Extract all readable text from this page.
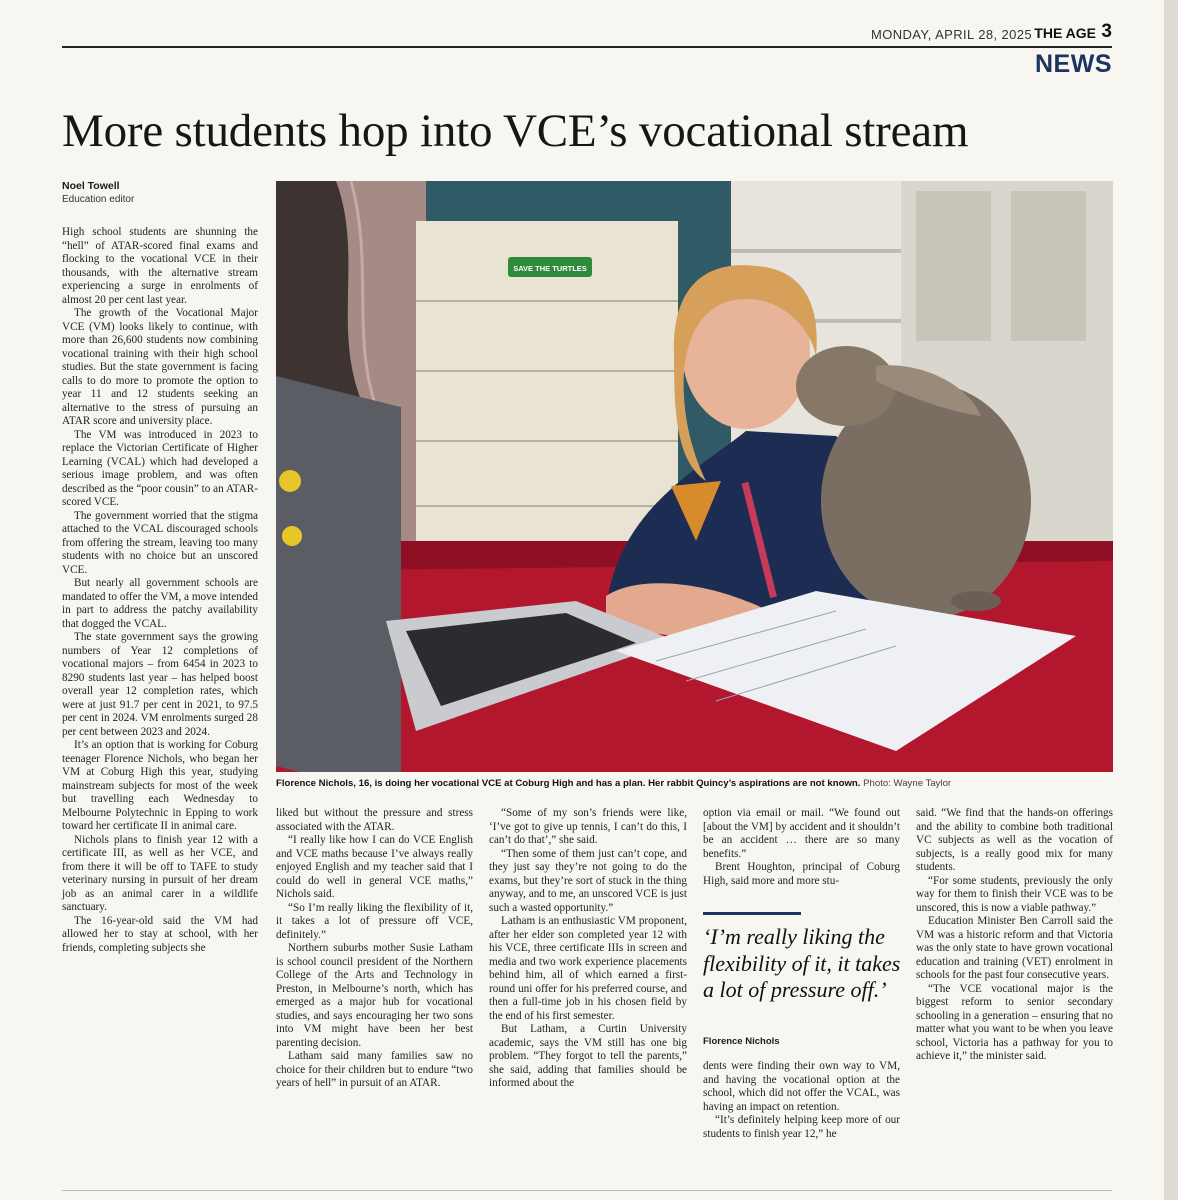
MONDAY, APRIL 28, 2025 THE AGE 3
NEWS
More students hop into VCE’s vocational stream
Noel Towell
Education editor

High school students are shunning the “hell” of ATAR-scored final exams and flocking to the vocational VCE in their thousands, with the alternative stream experiencing a surge in enrolments of almost 20 per cent last year.

The growth of the Vocational Major VCE (VM) looks likely to continue, with more than 26,600 students now combining vocational training with their high school studies. But the state government is facing calls to do more to promote the option to year 11 and 12 students seeking an alternative to the stress of pursuing an ATAR score and university place.

The VM was introduced in 2023 to replace the Victorian Certificate of Higher Learning (VCAL) which had developed a serious image problem, and was often described as the “poor cousin” to an ATAR-scored VCE.

The government worried that the stigma attached to the VCAL discouraged schools from offering the stream, leaving too many students with no choice but an unscored VCE.

But nearly all government schools are mandated to offer the VM, a move intended in part to address the patchy availability that dogged the VCAL.

The state government says the growing numbers of Year 12 completions of vocational majors – from 6454 in 2023 to 8290 students last year – has helped boost overall year 12 completion rates, which were at just 91.7 per cent in 2021, to 97.5 per cent in 2024. VM enrolments surged 28 per cent between 2023 and 2024.

It’s an option that is working for Coburg teenager Florence Nichols, who began her VM at Coburg High this year, studying mainstream subjects for most of the week but travelling each Wednesday to Melbourne Polytechnic in Epping to work toward her certificate II in animal care.

Nichols plans to finish year 12 with a certificate III, as well as her VCE, and from there it will be off to TAFE to study veterinary nursing in pursuit of her dream job as an animal carer in a wildlife sanctuary.

The 16-year-old said the VM had allowed her to stay at school, with her friends, completing subjects she

SAVE THE TURTLES
Florence Nichols, 16, is doing her vocational VCE at Coburg High and has a plan. Her rabbit Quincy’s aspirations are not known. Photo: Wayne Taylor

liked but without the pressure and stress associated with the ATAR.

“I really like how I can do VCE English and VCE maths because I’ve always really enjoyed English and my teacher said that I could do well in general VCE maths,” Nichols said.

“So I’m really liking the flexibility of it, it takes a lot of pressure off VCE, definitely.”

Northern suburbs mother Susie Latham is school council president of the Northern College of the Arts and Technology in Preston, in Melbourne’s north, which has emerged as a major hub for vocational studies, and says encouraging her two sons into VM might have been her best parenting decision.

Latham said many families saw no choice for their children but to endure “two years of hell” in pursuit of an ATAR.

“Some of my son’s friends were like, ‘I’ve got to give up tennis, I can’t do this, I can’t do that’,” she said.

“Then some of them just can’t cope, and they just say they’re not going to do the exams, but they’re sort of stuck in the thing anyway, and to me, an unscored VCE is just such a wasted opportunity.”

Latham is an enthusiastic VM proponent, after her elder son completed year 12 with his VCE, three certificate IIIs in screen and media and two work experience placements behind him, all of which earned a first-round uni offer for his preferred course, and then a full-time job in his chosen field by the end of his first semester.

But Latham, a Curtin University academic, says the VM still has one big problem. “They forgot to tell the parents,” she said, adding that families should be informed about the

option via email or mail. “We found out [about the VM] by accident and it shouldn’t be an accident … there are so many benefits.”

Brent Houghton, principal of Coburg High, said more and more stu-

‘I’m really liking the flexibility of it, it takes a lot of pressure off.’

Florence Nichols

dents were finding their own way to VM, and having the vocational option at the school, which did not offer the VCAL, was having an impact on retention.

“It’s definitely helping keep more of our students to finish year 12,” he

said. “We find that the hands-on offerings and the ability to combine both traditional VC subjects as well as the vocation of subjects, is a really good mix for many students.

“For some students, previously the only way for them to finish their VCE was to be unscored, this is now a viable pathway.”

Education Minister Ben Carroll said the VM was a historic reform and that Victoria was the only state to have grown vocational education and training (VET) enrolment in schools for the past four consecutive years.

“The VCE vocational major is the biggest reform to senior secondary schooling in a generation – ensuring that no matter what you want to be when you leave school, Victoria has a pathway for you to achieve it,” the minister said.
